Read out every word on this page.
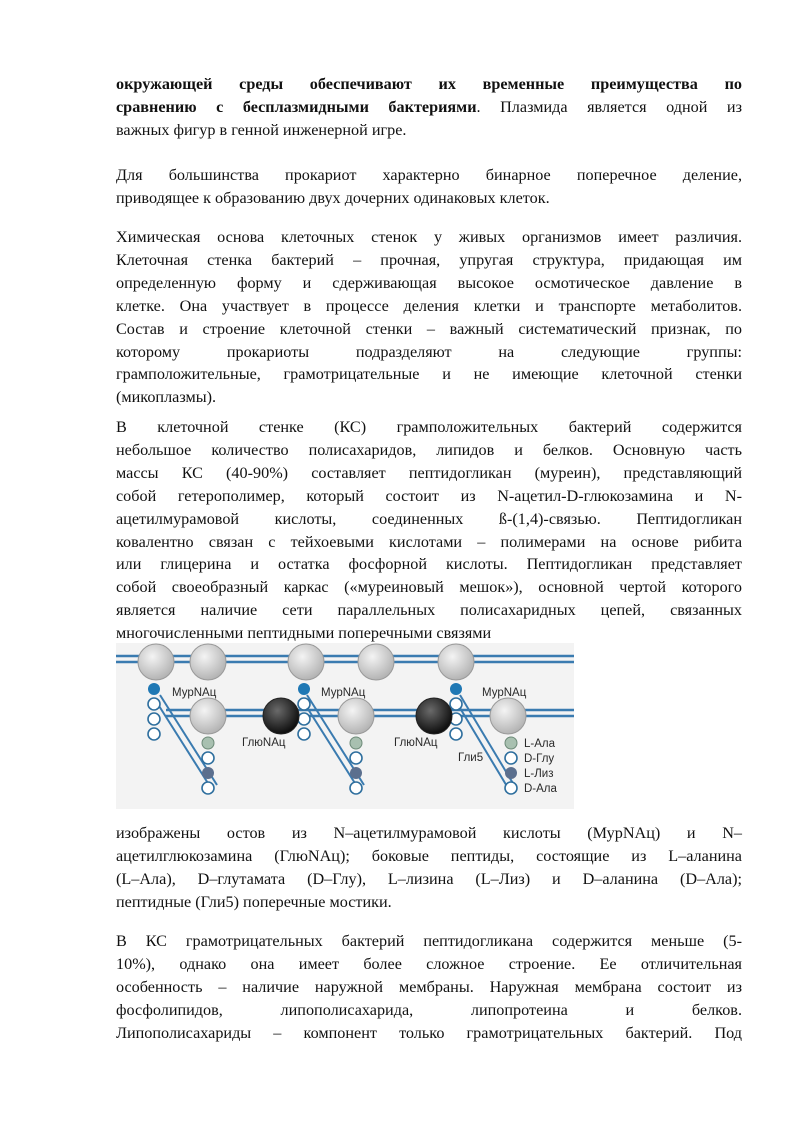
окружающей среды обеспечивают их временные преимущества по
сравнению с бесплазмидными бактериями. Плазмида является одной из
важных фигур в генной инженерной игре.
Для большинства прокариот характерно бинарное поперечное деление,
приводящее к образованию двух дочерних одинаковых клеток.
Химическая основа клеточных стенок у живых организмов имеет различия.
Клеточная стенка бактерий – прочная, упругая структура, придающая им
определенную форму и сдерживающая высокое осмотическое давление в
клетке. Она участвует в процессе деления клетки и транспорте метаболитов.
Состав и строение клеточной стенки – важный систематический признак, по
которому прокариоты подразделяют на следующие группы:
грамположительные, грамотрицательные и не имеющие клеточной стенки
(микоплазмы).
В клеточной стенке (КС) грамположительных бактерий содержится
небольшое количество полисахаридов, липидов и белков. Основную часть
массы КС (40-90%) составляет пептидогликан (муреин), представляющий
собой гетерополимер, который состоит из N-ацетил-D-глюкозамина и N-
ацетилмурамовой кислоты, соединенных ß-(1,4)-связью. Пептидогликан
ковалентно связан с тейхоевыми кислотами – полимерами на основе рибита
или глицерина и остатка фосфорной кислоты. Пептидогликан представляет
собой своеобразный каркас («муреиновый мешок»), основной чертой которого
является наличие сети параллельных полисахаридных цепей, связанных
многочисленными пептидными поперечными связями
МурNAц	МурNAц	МурNAц
ГлюNAц	ГлюNAц
Гли5
L-Ала
D-Глу
L-Лиз
D-Ала
изображены остов из N–ацетилмурамовой кислоты (МурNAц) и N–
ацетилглюкозамина (ГлюNAц); боковые пептиды, состоящие из L–аланина
(L–Ала), D–глутамата (D–Глу), L–лизина (L–Лиз) и D–аланина (D–Ала);
пептидные (Гли5) поперечные мостики.
В КС грамотрицательных бактерий пептидогликана содержится меньше (5-
10%), однако она имеет более сложное строение. Ее отличительная
особенность – наличие наружной мембраны. Наружная мембрана состоит из
фосфолипидов, липополисахарида, липопротеина и белков.
Липополисахариды – компонент только грамотрицательных бактерий. Под
